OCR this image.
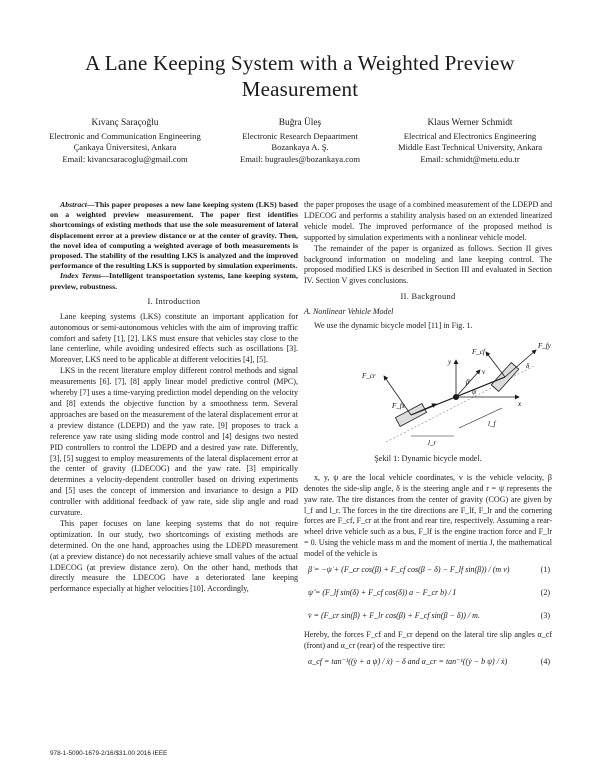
A Lane Keeping System with a Weighted Preview
Measurement
Kıvanç Saraçoğlu
Electronic and Communication Engineering
Çankaya Üniversitesi, Ankara
Email: kivancsaracoglu@gmail.com
Buğra Üleş
Electronic Research Depaartment
Bozankaya A. Ş.
Email: bugraules@bozankaya.com
Klaus Werner Schmidt
Electrical and Electronics Engineering
Middle East Technical University, Ankara
Email: schmidt@metu.edu.tr

Abstract—This paper proposes a new lane keeping system (LKS) based on a weighted preview measurement. The paper first identifies shortcomings of existing methods that use the sole measurement of lateral displacement error at a preview distance or at the center of gravity. Then, the novel idea of computing a weighted average of both measurements is proposed. The stability of the resulting LKS is analyzed and the improved performance of the resulting LKS is supported by simulation experiments.

Index Terms—Intelligent transportation systems, lane keeping system, preview, robustness.

I. Introduction

Lane keeping systems (LKS) constitute an important application for autonomous or semi-autonomous vehicles with the aim of improving traffic comfort and safety [1], [2]. LKS must ensure that vehicles stay close to the lane centerline, while avoiding undesired effects such as oscillations [3]. Moreover, LKS need to be applicable at different velocities [4], [5].

LKS in the recent literature employ different control methods and signal measurements [6]. [7], [8] apply linear model predictive control (MPC), whereby [7] uses a time-varying prediction model depending on the velocity and [8] extends the objective function by a smoothness term. Several approaches are based on the measurement of the lateral displacement error at a preview distance (LDEPD) and the yaw rate. [9] proposes to track a reference yaw rate using sliding mode control and [4] designs two nested PID controllers to control the LDEPD and a desired yaw rate. Differently, [3], [5] suggest to employ measurements of the lateral displacement error at the center of gravity (LDECOG) and the yaw rate. [3] empirically determines a velocity-dependent controller based on driving experiments and [5] uses the concept of immersion and invariance to design a PID controller with additional feedback of yaw rate, side slip angle and road curvature.

This paper focuses on lane keeping systems that do not require optimization. In our study, two shortcomings of existing methods are determined. On the one hand, approaches using the LDEPD measurement (at a preview distance) do not necessarily achieve small values of the actual LDECOG (at preview distance zero). On the other hand, methods that directly measure the LDECOG have a deteriorated lane keeping performance especially at higher velocities [10]. Accordingly,

the paper proposes the usage of a combined measurement of the LDEPD and LDECOG and performs a stability analysis based on an extended linearized vehicle model. The improved performance of the proposed method is supported by simulation experiments with a nonlinear vehicle model.

The remainder of the paper is organized as follows. Section II gives background information on modeling and lane keeping control. The proposed modified LKS is described in Section III and evaluated in Section IV. Section V gives conclusions.

II. Background
A. Nonlinear Vehicle Model

We use the dynamic bicycle model [11] in Fig. 1.

F_fy
F_cf
F_cr
F_fx
v
y
β
ψ
δ
l_f
l_r
x
Şekil 1: Dynamic bicycle model.

x, y, ψ are the local vehicle coordinates, v is the vehicle velocity, β denotes the side-slip angle, δ is the steering angle and r = ψ̇ represents the yaw rate. The tire distances from the center of gravity (COG) are given by l_f and l_r. The forces in the tire directions are F_lf, F_lr and the cornering forces are F_cf, F_cr at the front and rear tire, respectively. Assuming a rear-wheel drive vehicle such as a bus, F_lf is the engine traction force and F_lr = 0. Using the vehicle mass m and the moment of inertia J, the mathematical model of the vehicle is

β̇ = −ψ̇ + (F_cr cos(β) + F_cf cos(β − δ) − F_lf sin(β)) / (m v)	(1)
ψ̈ = (F_lf sin(δ) + F_cf cos(δ)) a − F_cr b) / I	(2)
v̇ = (F_cr sin(β) + F_lr cos(β) + F_cf sin(β − δ)) / m.	(3)

Hereby, the forces F_cf and F_cr depend on the lateral tire slip angles α_cf (front) and α_cr (rear) of the respective tire:

α_cf = tan⁻¹((ẏ + a ψ̇) / ẋ) − δ and α_cr = tan⁻¹((ẏ − b ψ̇) / ẋ)	(4)
978-1-5090-1679-2/16/$31.00 2016 IEEE
